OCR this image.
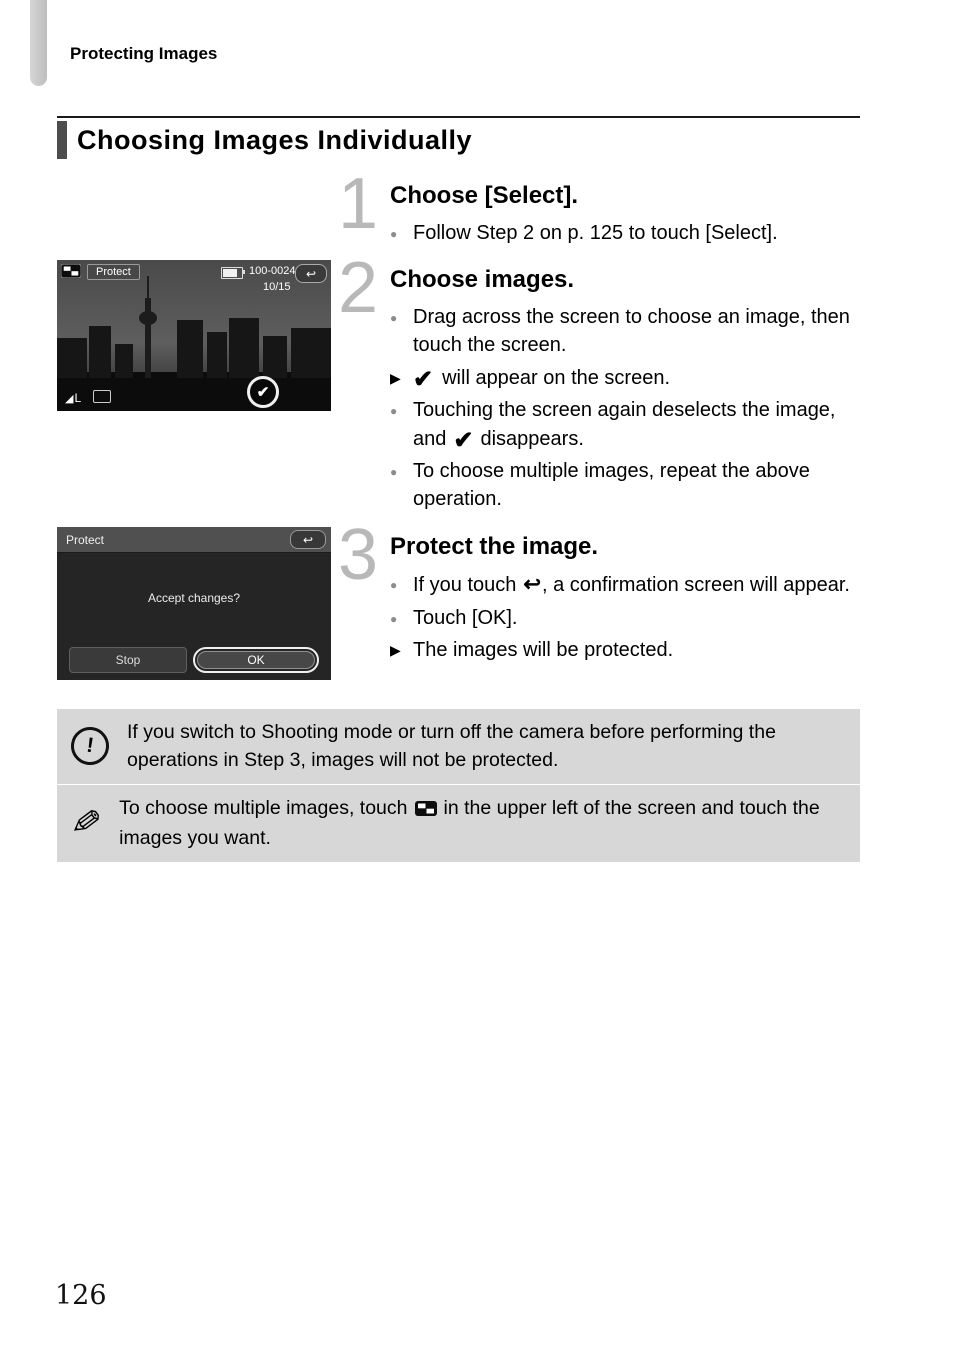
Protecting Images
Choosing Images Individually
1 Choose [Select].
● Follow Step 2 on p. 125 to touch [Select].
Protect	100-0024
10/15
↩
◢ L	✔
2 Choose images.
● Drag across the screen to choose an image, then touch the screen.
▶ ✔ will appear on the screen.
● Touching the screen again deselects the image, and ✔ disappears.
● To choose multiple images, repeat the above operation.
Protect	↩
Accept changes?
Stop	OK
3 Protect the image.
● If you touch ↩, a confirmation screen will appear.
● Touch [OK].
▶ The images will be protected.
!

If you switch to Shooting mode or turn off the camera before performing the operations in Step 3, images will not be protected.

✎ To choose multiple images, touch in the upper left of the screen and touch the images you want.

126
